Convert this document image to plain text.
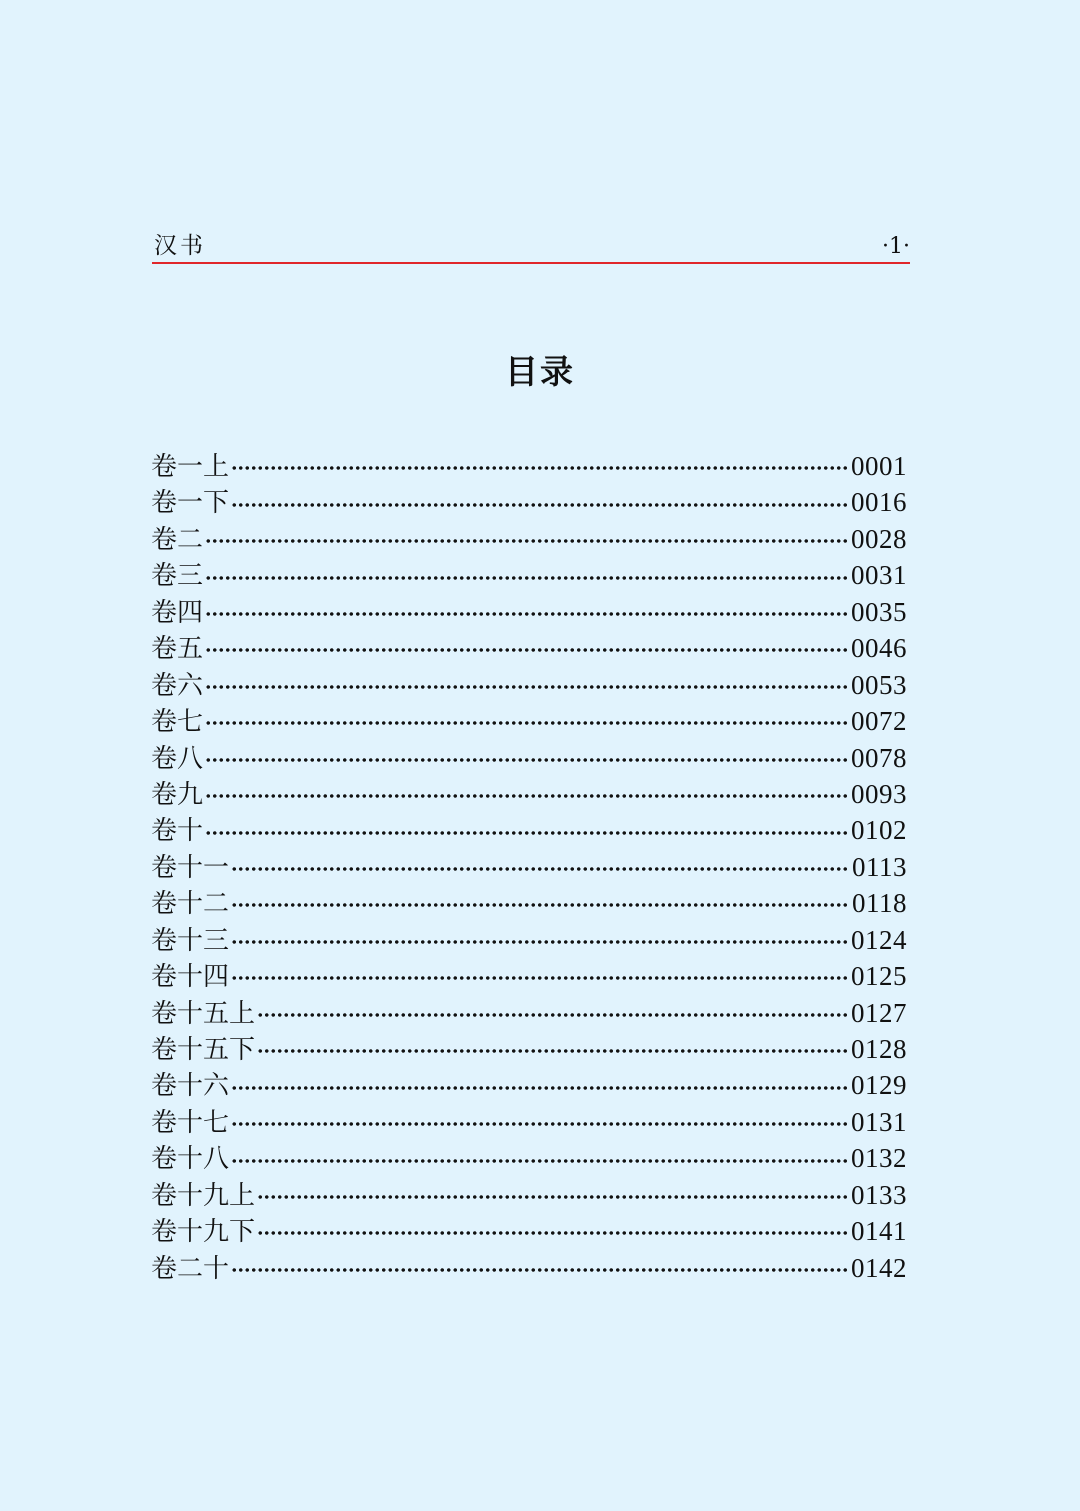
汉书	·1·
目录
卷一上	0001
卷一下	0016
卷二	0028
卷三	0031
卷四	0035
卷五	0046
卷六	0053
卷七	0072
卷八	0078
卷九	0093
卷十	0102
卷十一	0113
卷十二	0118
卷十三	0124
卷十四	0125
卷十五上	0127
卷十五下	0128
卷十六	0129
卷十七	0131
卷十八	0132
卷十九上	0133
卷十九下	0141
卷二十	0142
